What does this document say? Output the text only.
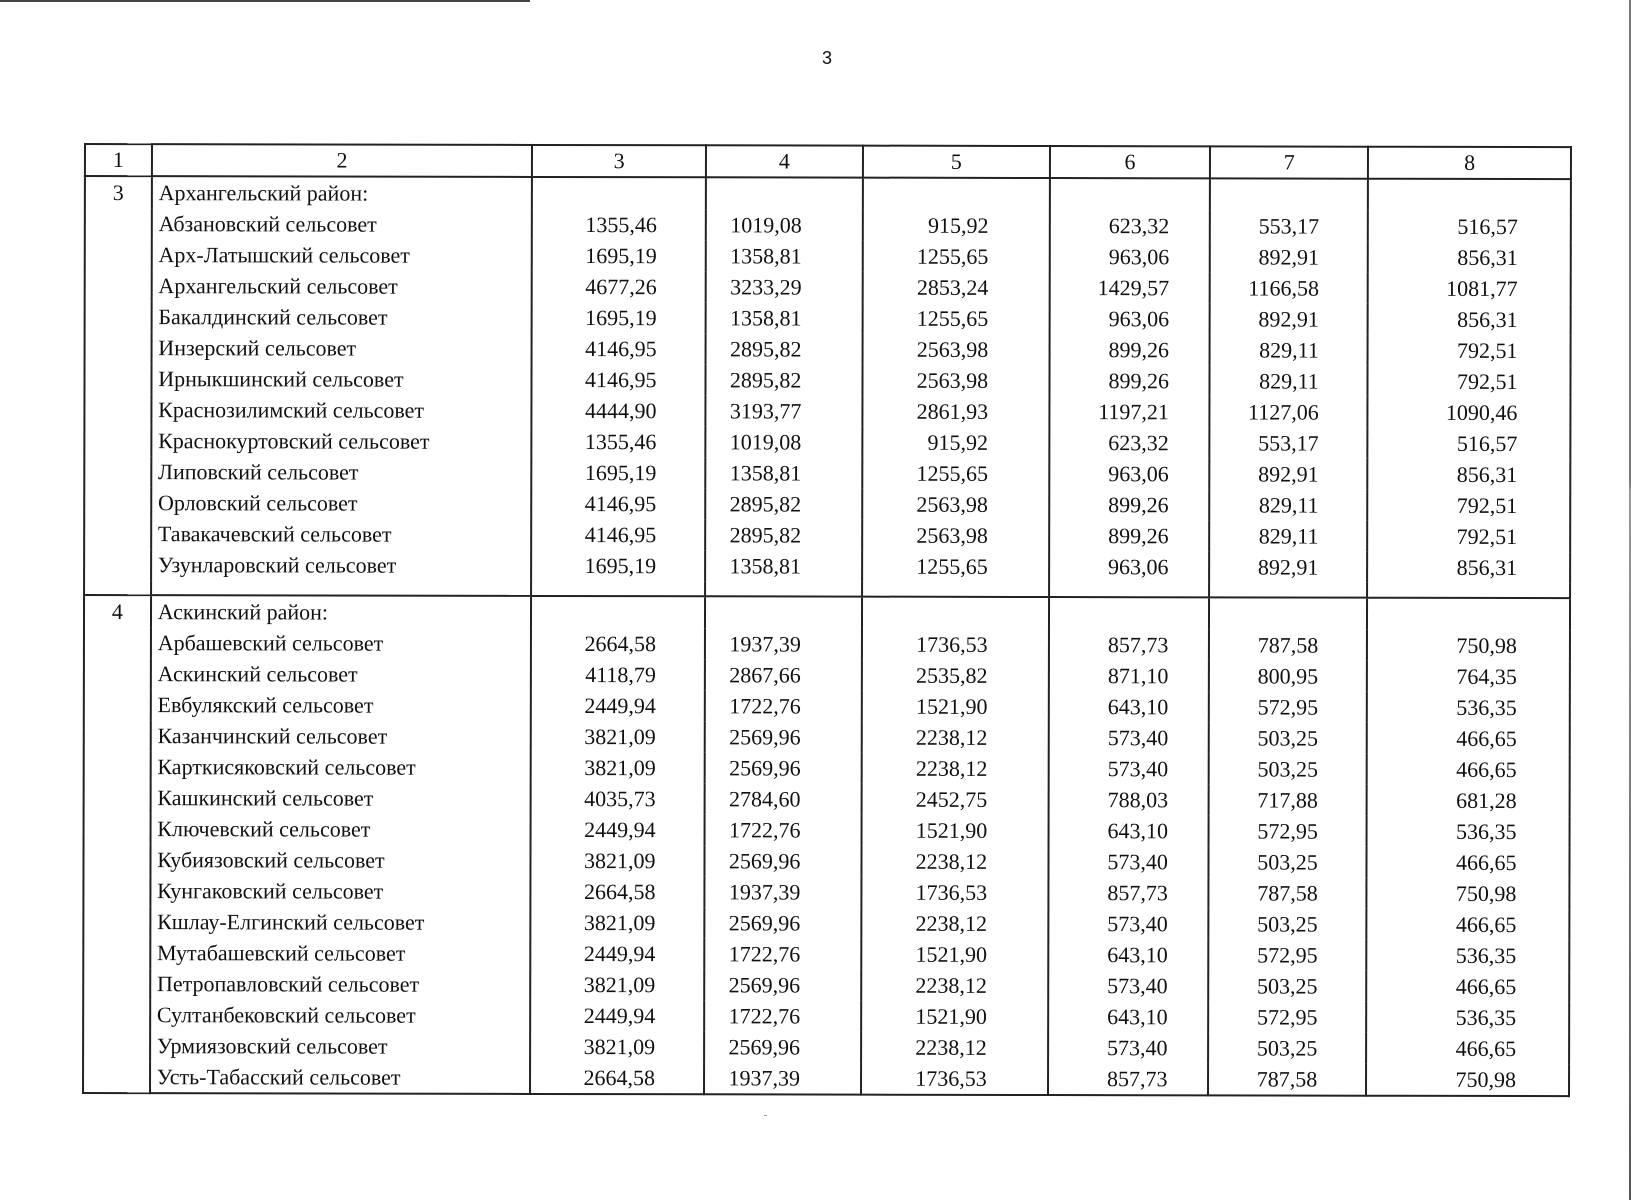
3
1	2	3	4	5	6	7	8
3	Архангельский район:						
	Абзановский сельсовет	1355,46	1019,08	915,92	623,32	553,17	516,57
	Арх-Латышский сельсовет	1695,19	1358,81	1255,65	963,06	892,91	856,31
	Архангельский сельсовет	4677,26	3233,29	2853,24	1429,57	1166,58	1081,77
	Бакалдинский сельсовет	1695,19	1358,81	1255,65	963,06	892,91	856,31
	Инзерский сельсовет	4146,95	2895,82	2563,98	899,26	829,11	792,51
	Ирныкшинский сельсовет	4146,95	2895,82	2563,98	899,26	829,11	792,51
	Краснозилимский сельсовет	4444,90	3193,77	2861,93	1197,21	1127,06	1090,46
	Краснокуртовский сельсовет	1355,46	1019,08	915,92	623,32	553,17	516,57
	Липовский сельсовет	1695,19	1358,81	1255,65	963,06	892,91	856,31
	Орловский сельсовет	4146,95	2895,82	2563,98	899,26	829,11	792,51
	Тавакачевский сельсовет	4146,95	2895,82	2563,98	899,26	829,11	792,51
	Узунларовский сельсовет	1695,19	1358,81	1255,65	963,06	892,91	856,31

4	Аскинский район:						
	Арбашевский сельсовет	2664,58	1937,39	1736,53	857,73	787,58	750,98
	Аскинский сельсовет	4118,79	2867,66	2535,82	871,10	800,95	764,35
	Евбулякский сельсовет	2449,94	1722,76	1521,90	643,10	572,95	536,35
	Казанчинский сельсовет	3821,09	2569,96	2238,12	573,40	503,25	466,65
	Карткисяковский сельсовет	3821,09	2569,96	2238,12	573,40	503,25	466,65
	Кашкинский сельсовет	4035,73	2784,60	2452,75	788,03	717,88	681,28
	Ключевский сельсовет	2449,94	1722,76	1521,90	643,10	572,95	536,35
	Кубиязовский сельсовет	3821,09	2569,96	2238,12	573,40	503,25	466,65
	Кунгаковский сельсовет	2664,58	1937,39	1736,53	857,73	787,58	750,98
	Кшлау-Елгинский сельсовет	3821,09	2569,96	2238,12	573,40	503,25	466,65
	Мутабашевский сельсовет	2449,94	1722,76	1521,90	643,10	572,95	536,35
	Петропавловский сельсовет	3821,09	2569,96	2238,12	573,40	503,25	466,65
	Султанбековский сельсовет	2449,94	1722,76	1521,90	643,10	572,95	536,35
	Урмиязовский сельсовет	3821,09	2569,96	2238,12	573,40	503,25	466,65
	Усть-Табасский сельсовет	2664,58	1937,39	1736,53	857,73	787,58	750,98
